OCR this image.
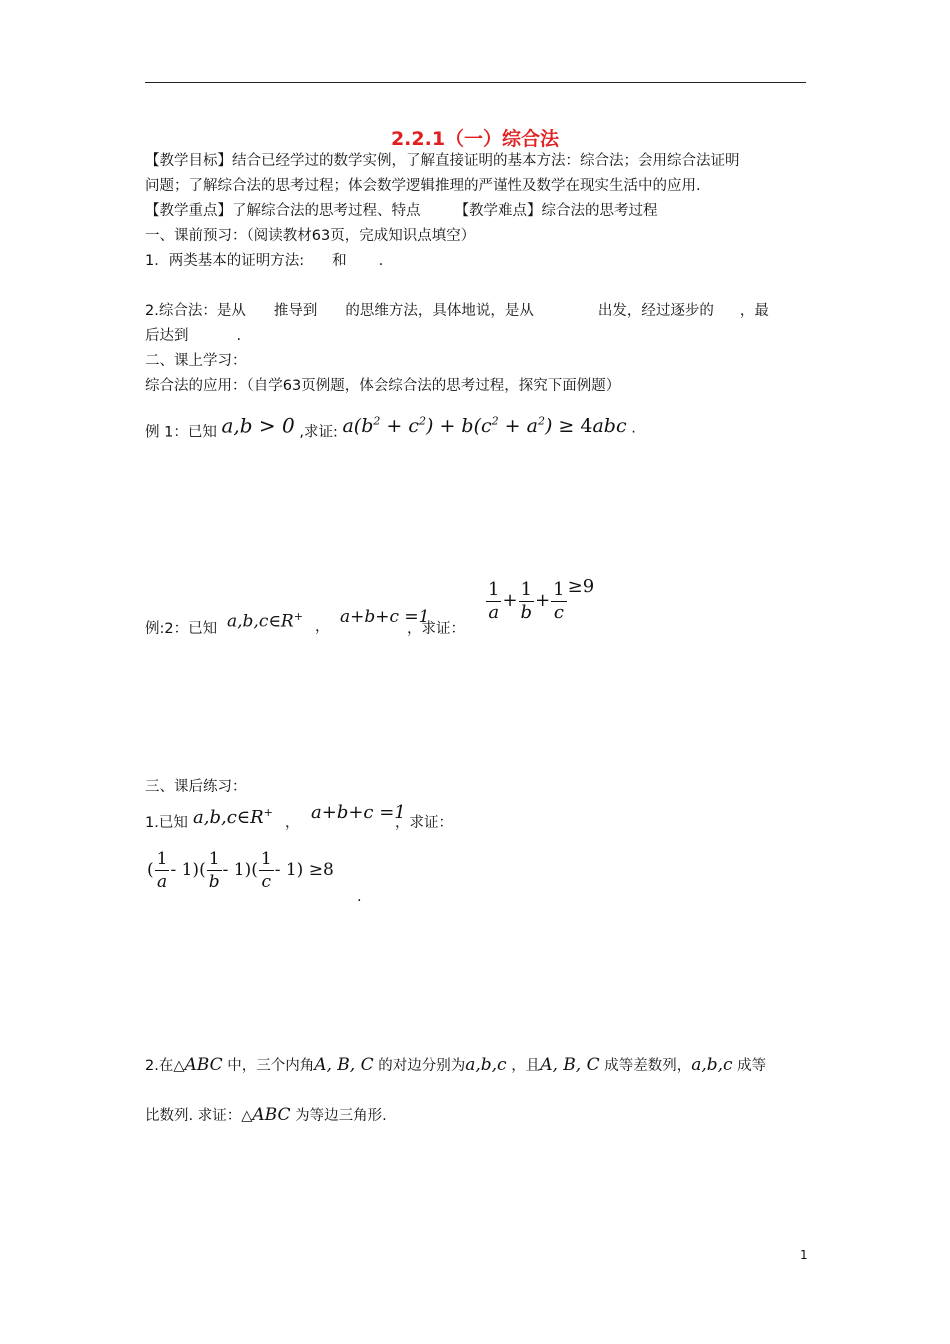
2.2.1（一）综合法
【教学目标】结合已经学过的数学实例，了解直接证明的基本方法：综合法；会用综合法证明
问题；了解综合法的思考过程；体会数学逻辑推理的严谨性及数学在现实生活中的应用.
【教学重点】了解综合法的思考过程、特点 【教学难点】综合法的思考过程
一、课前预习：（阅读教材63页，完成知识点填空）
1．两类基本的证明方法: 和 .
2.综合法：是从 推导到 的思维方法，具体地说，是从	出发，经过逐步的 ，最
后达到	.
二、课上学习：
综合法的应用：（自学63页例题，体会综合法的思考过程，探究下面例题）
例 1：已知 a,b > 0 ,求证: $a(b^2 + c^2) + b(c^2 + a^2) \ge 4abc$ .
例:2：已知 a,b,c∈R+
， a+b+c =1
，求证：
$\frac{1}{a} + \frac{1}{b} + \frac{1}{c} \ge 9$
三、课后练习：
1.已知 a,b,c∈R+
， a+b+c =1
，求证：
( $\frac{1}{a} - 1)( \frac{1}{b} - 1)( \frac{1}{c} - 1) \ge 8$
.
2.在△ABC 中，三个内角A, B, C 的对边分别为a,b,c ，且A, B, C 成等差数列，a,b,c 成等
比数列. 求证：△ABC 为等边三角形.
1
